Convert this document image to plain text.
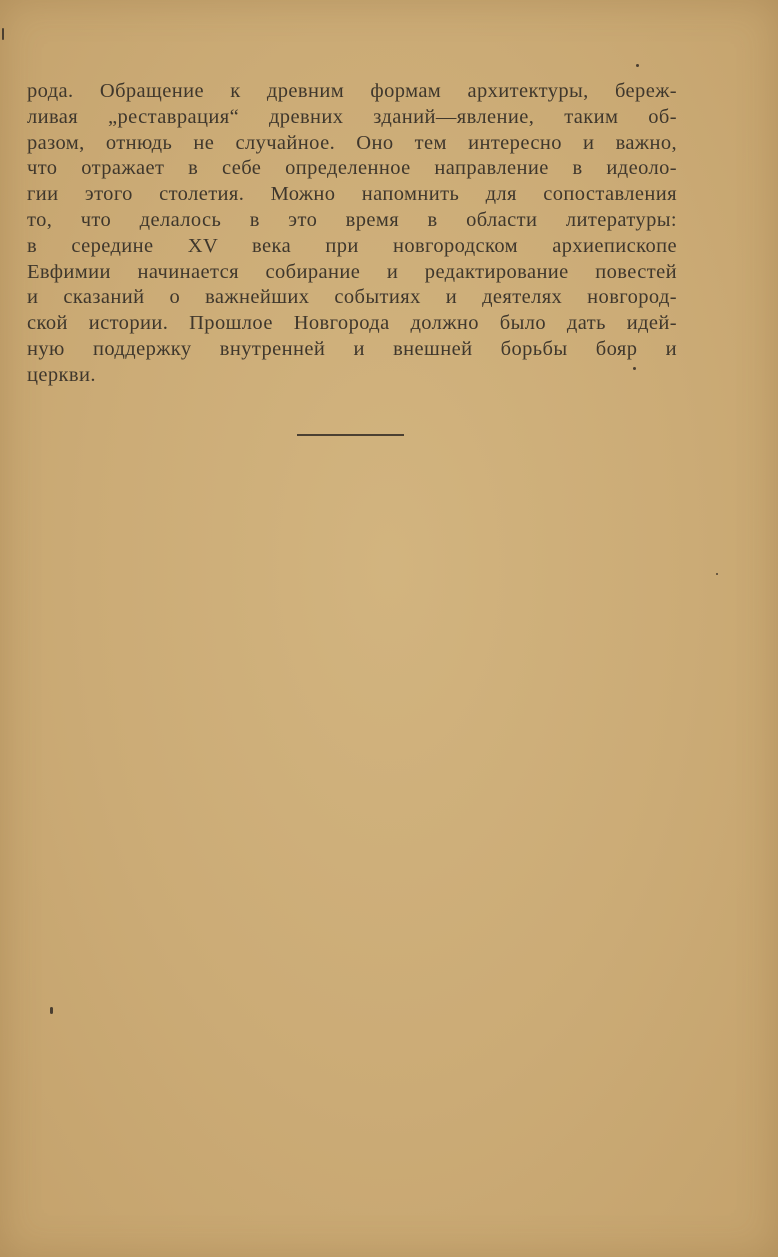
рода. Обращение к древним формам архитектуры, береж-
ливая „реставрация“ древних зданий—явление, таким об-
разом, отнюдь не случайное. Оно тем интересно и важно,
что отражает в себе определенное направление в идеоло-
гии этого столетия. Можно напомнить для сопоставления
то, что делалось в это время в области литературы:
в середине XV века при новгородском архиепископе
Евфимии начинается собирание и редактирование повестей
и сказаний о важнейших событиях и деятелях новгород-
ской истории. Прошлое Новгорода должно было дать идей-
ную поддержку внутренней и внешней борьбы бояр и
церкви.
